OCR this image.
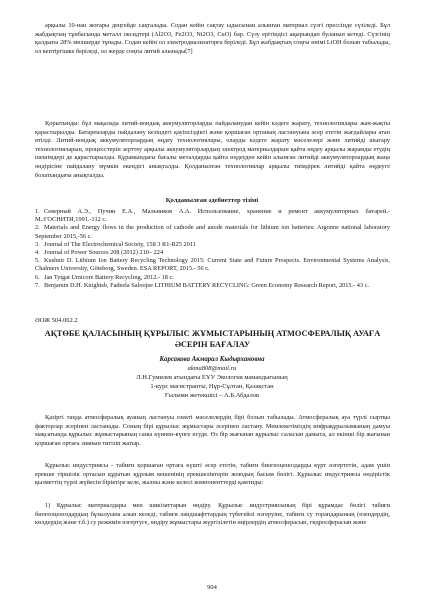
арқылы 10-нан жоғары деңгейде сақталады. Содан кейін сақтау ыдысынан алынған материал сүзгі прессінде сүзіледі. Бұл жабдықтың тұнбасында металл оксидтері (Al2O3, Fe2O3, Ni2O3, CuO) бар. Сүзу ерітіндісі ақырындап буланып кетеді. Сүзгінің қалдығы 28% мөлшерде тұнады. Содан кейін ол электродиализаторға беріледі. Бұл жабдықтың соңғы өнімі LiOH болып табылады, ол кептіргішке беріледі, ол жерде соңғы литий алынады[7]

Қорытынды: бұл мақалада литий-иондық аккумуляторларды пайдаланудан кейін кәдеге жарату, технологиялары жан-жақты қарастырылды. Батареяларды пайдалану кезіндегі қауіпсіздікті және қоршаған ортаның ластануына әсер ететін жағдайлары атап өтілді. Литий-иондық аккумуляторлардың өңдеу технологиялары, оларды кәдеге жарату мәселелері және литийді шығару технологияларын, процесстерін зерттеу арқылы аккумуляторлардың электрод материалдарын қайта өңдеу арқылы жарамды етудің шешімдері де қарастырылды. Құрамындағы бағалы металдарды қайта өңдеуден кейін алынған литийді аккумуляторлардың жаңа өндірісіне пайдалану мүмкін екендігі анықталды. Қолданылған технологиялар арқылы тиімдірек литийді қайта өңдеуге болатындығы анықталды.

Қолданылған әдебиеттер тізімі

1. Северный А.Э., Пучин Е.А., Мальников А.А. Использование, хранение и ремонт аккумуляторных батарей.-М.:ГОСНИТИ,1991.-112 с.
2. Materials and Energy flows in the production of cathode and anode materials for lithium ion batteries: Argonne national laboratory September 2015,-56 с.
3. Journal of The Electrochemical Society, 158 3 R1-R25 2011
4. Journal of Power Sources 208 (2012) 210– 224
5. Kushnir D. Lithium Ion Battery Recycling Technology 2015: Current State and Future Prospects. Environmental Systems Analysis, Chalmers University, Göteborg, Sweden. ESA REPORT, 2015.- 56 с.
6. Jan Tytgat Umicore Battery Recycling, 2012.- 18 с.
7. Benjamin D.H. Knightsb, Fadeela Saloojee LITHIUM BATTERY RECYCLING: Green Economy Research Report, 2015.- 43 с.

ӘОЖ 504.062.2

АҚТӨБЕ ҚАЛАСЫНЫҢ ҚҰРЫЛЫС ЖҰМЫСТАРЫНЫҢ АТМОСФЕРАЛЫҚ АУАҒА ӘСЕРІН БАҒАЛАУ

Карсакова Акмарал Кыдырхановна
akma808@mail.ru
Л.Н.Гумилев атындағы ЕҰУ Экология мамандығының
1-курс магистранты, Нұр-Сұлтан, Қазақстан
Ғылыми жетекшісі – А.Б.Абдалов

Қазіргі таңда атмосфералық ауаның ластануы езекті мәселелердің бірі болып табылады. Атмосфералық ауа түрлі сыртқы факторлар әсерінен ластанады. Соның бірі құрылыс жұмыстары әсерінен ластану. Мемлекетіміздің инфрақұрылымының дамуы мақсатында құрылыс жұмыстарының саны күннен-күнге өсуде. Өз бір жағынан құрылыс саласын дамыта, ал екінші бір жағынан қоршаған ортаға зиянын тигізіп жатыр.

Құрылыс индустриясы - табиғи қоршаған ортаға күшті әсер ететін, табиғи биогеоценоздарды күрт өзгертетін, адам үшін ерекше тіршілік ортасын құратын құрлым кешенінің ерекшеліктерін жоюдың басым бөлігі. Құрылыс индустриясы өндірістік қызметтің түрлі жүйесін біріктіре келе, жалпы және келесі компоненттерді қамтиды:

1) Құрылыс материалдары мен шикізаттарын өндіру. Құрылыс индустриясының бірі құрамдас бөлігі табиғи биогеоценоздардың бұзылуына алып келеді, табиғи ландшафттардың түбегейлі өзгеруіне, табиғи су торапдарының (өзендердің, көлдердің және т.б.) су режимін өзгертуге, өндіру жұмыстары жүргізілетін өңірлердің атмосферасын, гидросферасын және

904
